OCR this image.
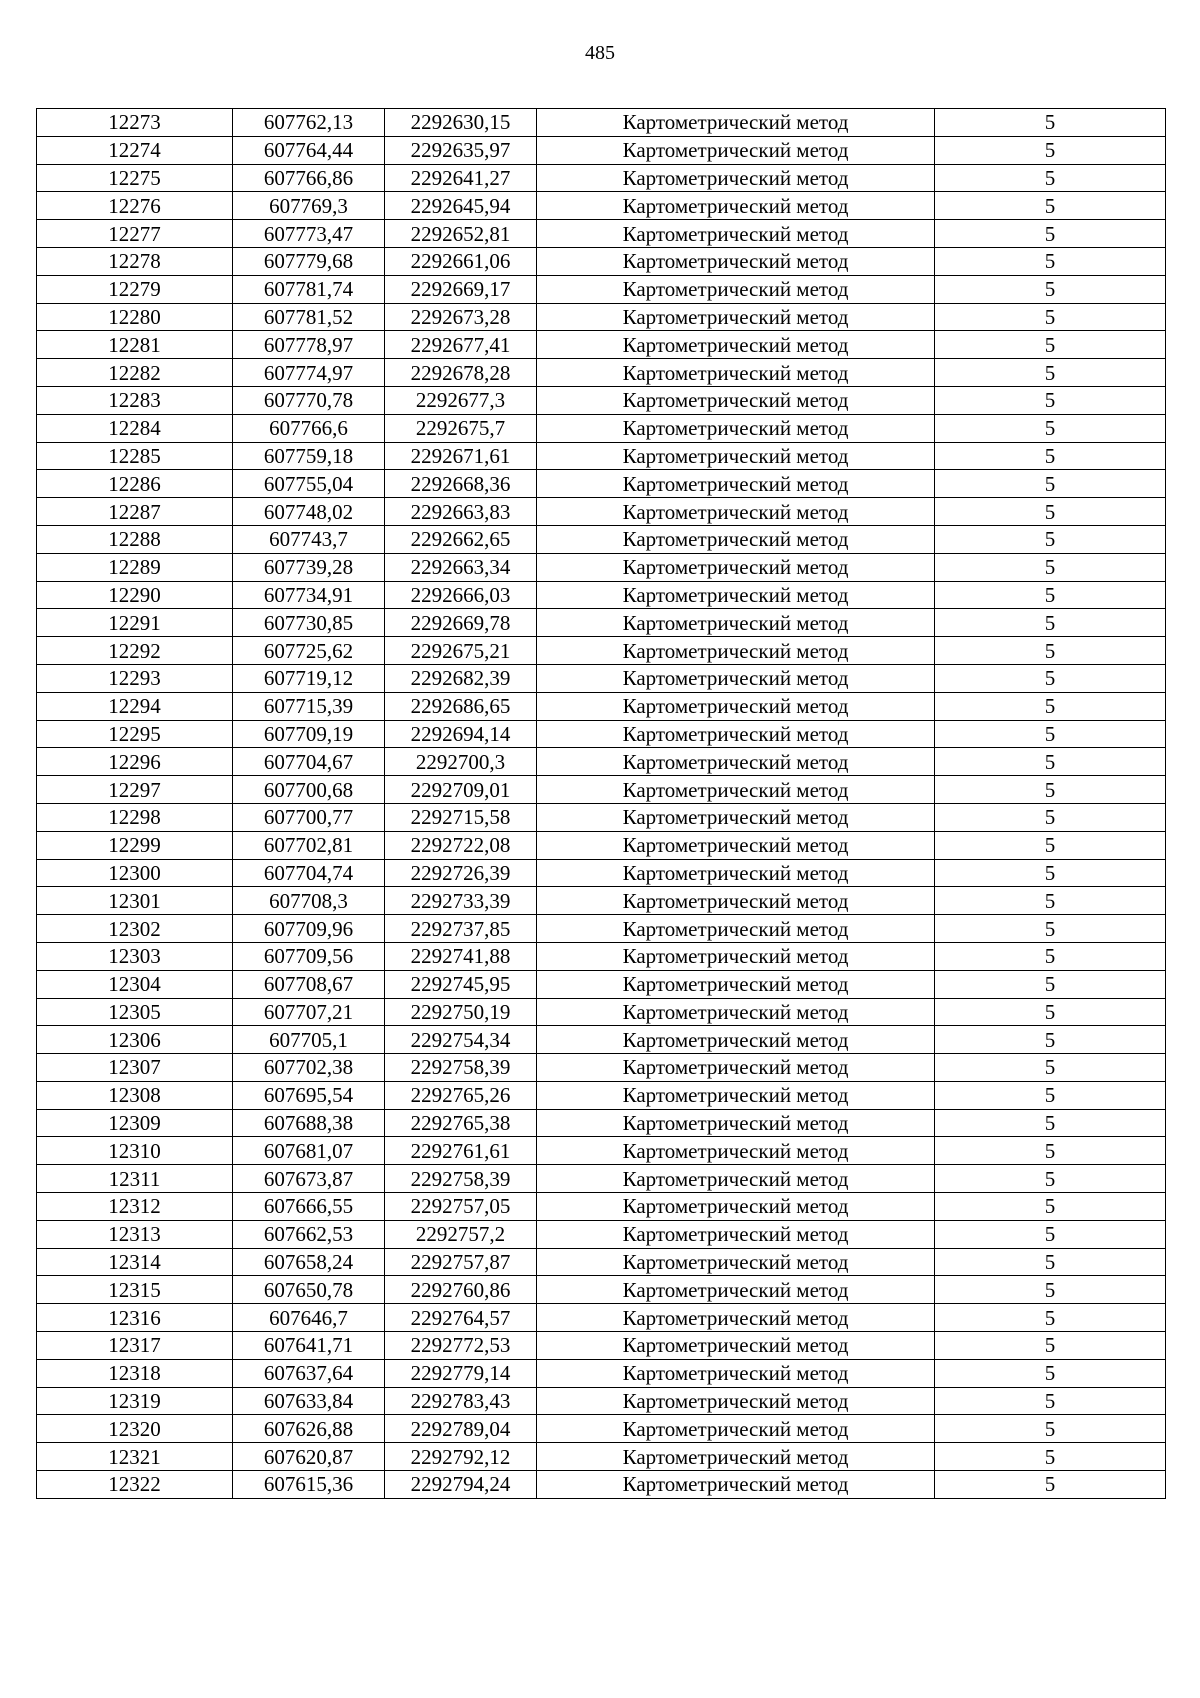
485
12273	607762,13	2292630,15	Картометрический метод	5
12274	607764,44	2292635,97	Картометрический метод	5
12275	607766,86	2292641,27	Картометрический метод	5
12276	607769,3	2292645,94	Картометрический метод	5
12277	607773,47	2292652,81	Картометрический метод	5
12278	607779,68	2292661,06	Картометрический метод	5
12279	607781,74	2292669,17	Картометрический метод	5
12280	607781,52	2292673,28	Картометрический метод	5
12281	607778,97	2292677,41	Картометрический метод	5
12282	607774,97	2292678,28	Картометрический метод	5
12283	607770,78	2292677,3	Картометрический метод	5
12284	607766,6	2292675,7	Картометрический метод	5
12285	607759,18	2292671,61	Картометрический метод	5
12286	607755,04	2292668,36	Картометрический метод	5
12287	607748,02	2292663,83	Картометрический метод	5
12288	607743,7	2292662,65	Картометрический метод	5
12289	607739,28	2292663,34	Картометрический метод	5
12290	607734,91	2292666,03	Картометрический метод	5
12291	607730,85	2292669,78	Картометрический метод	5
12292	607725,62	2292675,21	Картометрический метод	5
12293	607719,12	2292682,39	Картометрический метод	5
12294	607715,39	2292686,65	Картометрический метод	5
12295	607709,19	2292694,14	Картометрический метод	5
12296	607704,67	2292700,3	Картометрический метод	5
12297	607700,68	2292709,01	Картометрический метод	5
12298	607700,77	2292715,58	Картометрический метод	5
12299	607702,81	2292722,08	Картометрический метод	5
12300	607704,74	2292726,39	Картометрический метод	5
12301	607708,3	2292733,39	Картометрический метод	5
12302	607709,96	2292737,85	Картометрический метод	5
12303	607709,56	2292741,88	Картометрический метод	5
12304	607708,67	2292745,95	Картометрический метод	5
12305	607707,21	2292750,19	Картометрический метод	5
12306	607705,1	2292754,34	Картометрический метод	5
12307	607702,38	2292758,39	Картометрический метод	5
12308	607695,54	2292765,26	Картометрический метод	5
12309	607688,38	2292765,38	Картометрический метод	5
12310	607681,07	2292761,61	Картометрический метод	5
12311	607673,87	2292758,39	Картометрический метод	5
12312	607666,55	2292757,05	Картометрический метод	5
12313	607662,53	2292757,2	Картометрический метод	5
12314	607658,24	2292757,87	Картометрический метод	5
12315	607650,78	2292760,86	Картометрический метод	5
12316	607646,7	2292764,57	Картометрический метод	5
12317	607641,71	2292772,53	Картометрический метод	5
12318	607637,64	2292779,14	Картометрический метод	5
12319	607633,84	2292783,43	Картометрический метод	5
12320	607626,88	2292789,04	Картометрический метод	5
12321	607620,87	2292792,12	Картометрический метод	5
12322	607615,36	2292794,24	Картометрический метод	5
